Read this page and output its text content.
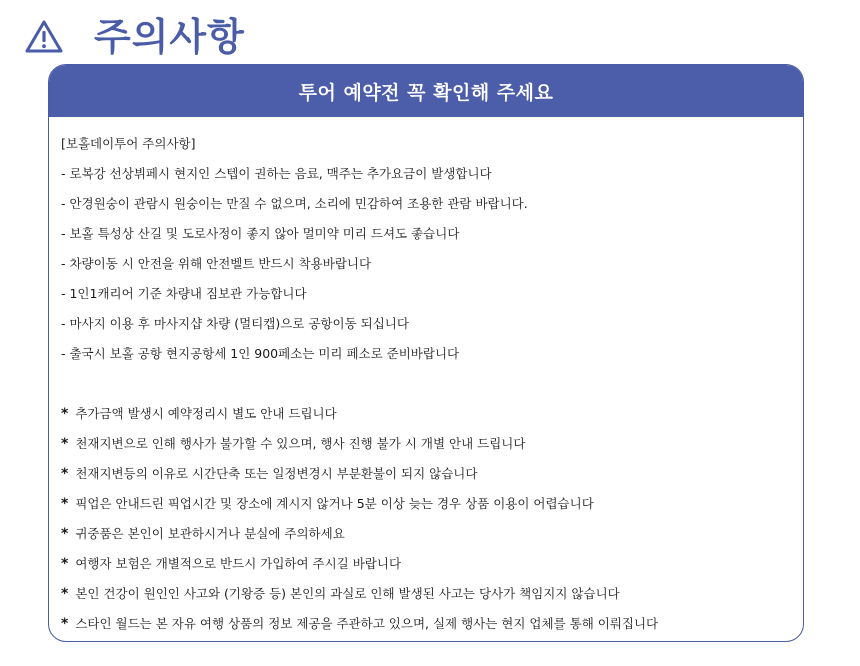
주의사항
투어 예약전 꼭 확인해 주세요
[보홀데이투어 주의사항]
- 로복강 선상뷔페시 현지인 스텝이 권하는 음료, 맥주는 추가요금이 발생합니다
- 안경원숭이 관람시 원숭이는 만질 수 없으며, 소리에 민감하여 조용한 관람 바랍니다.
- 보홀 특성상 산길 및 도로사정이 좋지 않아 멀미약 미리 드셔도 좋습니다
- 차량이동 시 안전을 위해 안전벨트 반드시 착용바랍니다
- 1인1캐리어 기준 차량내 짐보관 가능합니다
- 마사지 이용 후 마사지샵 차량 (멀티캡)으로 공항이동 되십니다
- 출국시 보홀 공항 현지공항세 1인 900페소는 미리 페소로 준비바랍니다
* 추가금액 발생시 예약정리시 별도 안내 드립니다
* 천재지변으로 인해 행사가 불가할 수 있으며, 행사 진행 불가 시 개별 안내 드립니다
* 천재지변등의 이유로 시간단축 또는 일정변경시 부분환불이 되지 않습니다
* 픽업은 안내드린 픽업시간 및 장소에 계시지 않거나 5분 이상 늦는 경우 상품 이용이 어렵습니다
* 귀중품은 본인이 보관하시거나 분실에 주의하세요
* 여행자 보험은 개별적으로 반드시 가입하여 주시길 바랍니다
* 본인 건강이 원인인 사고와 (기왕증 등) 본인의 과실로 인해 발생된 사고는 당사가 책임지지 않습니다
* 스타인 월드는 본 자유 여행 상품의 정보 제공을 주관하고 있으며, 실제 행사는 현지 업체를 통해 이뤄집니다
